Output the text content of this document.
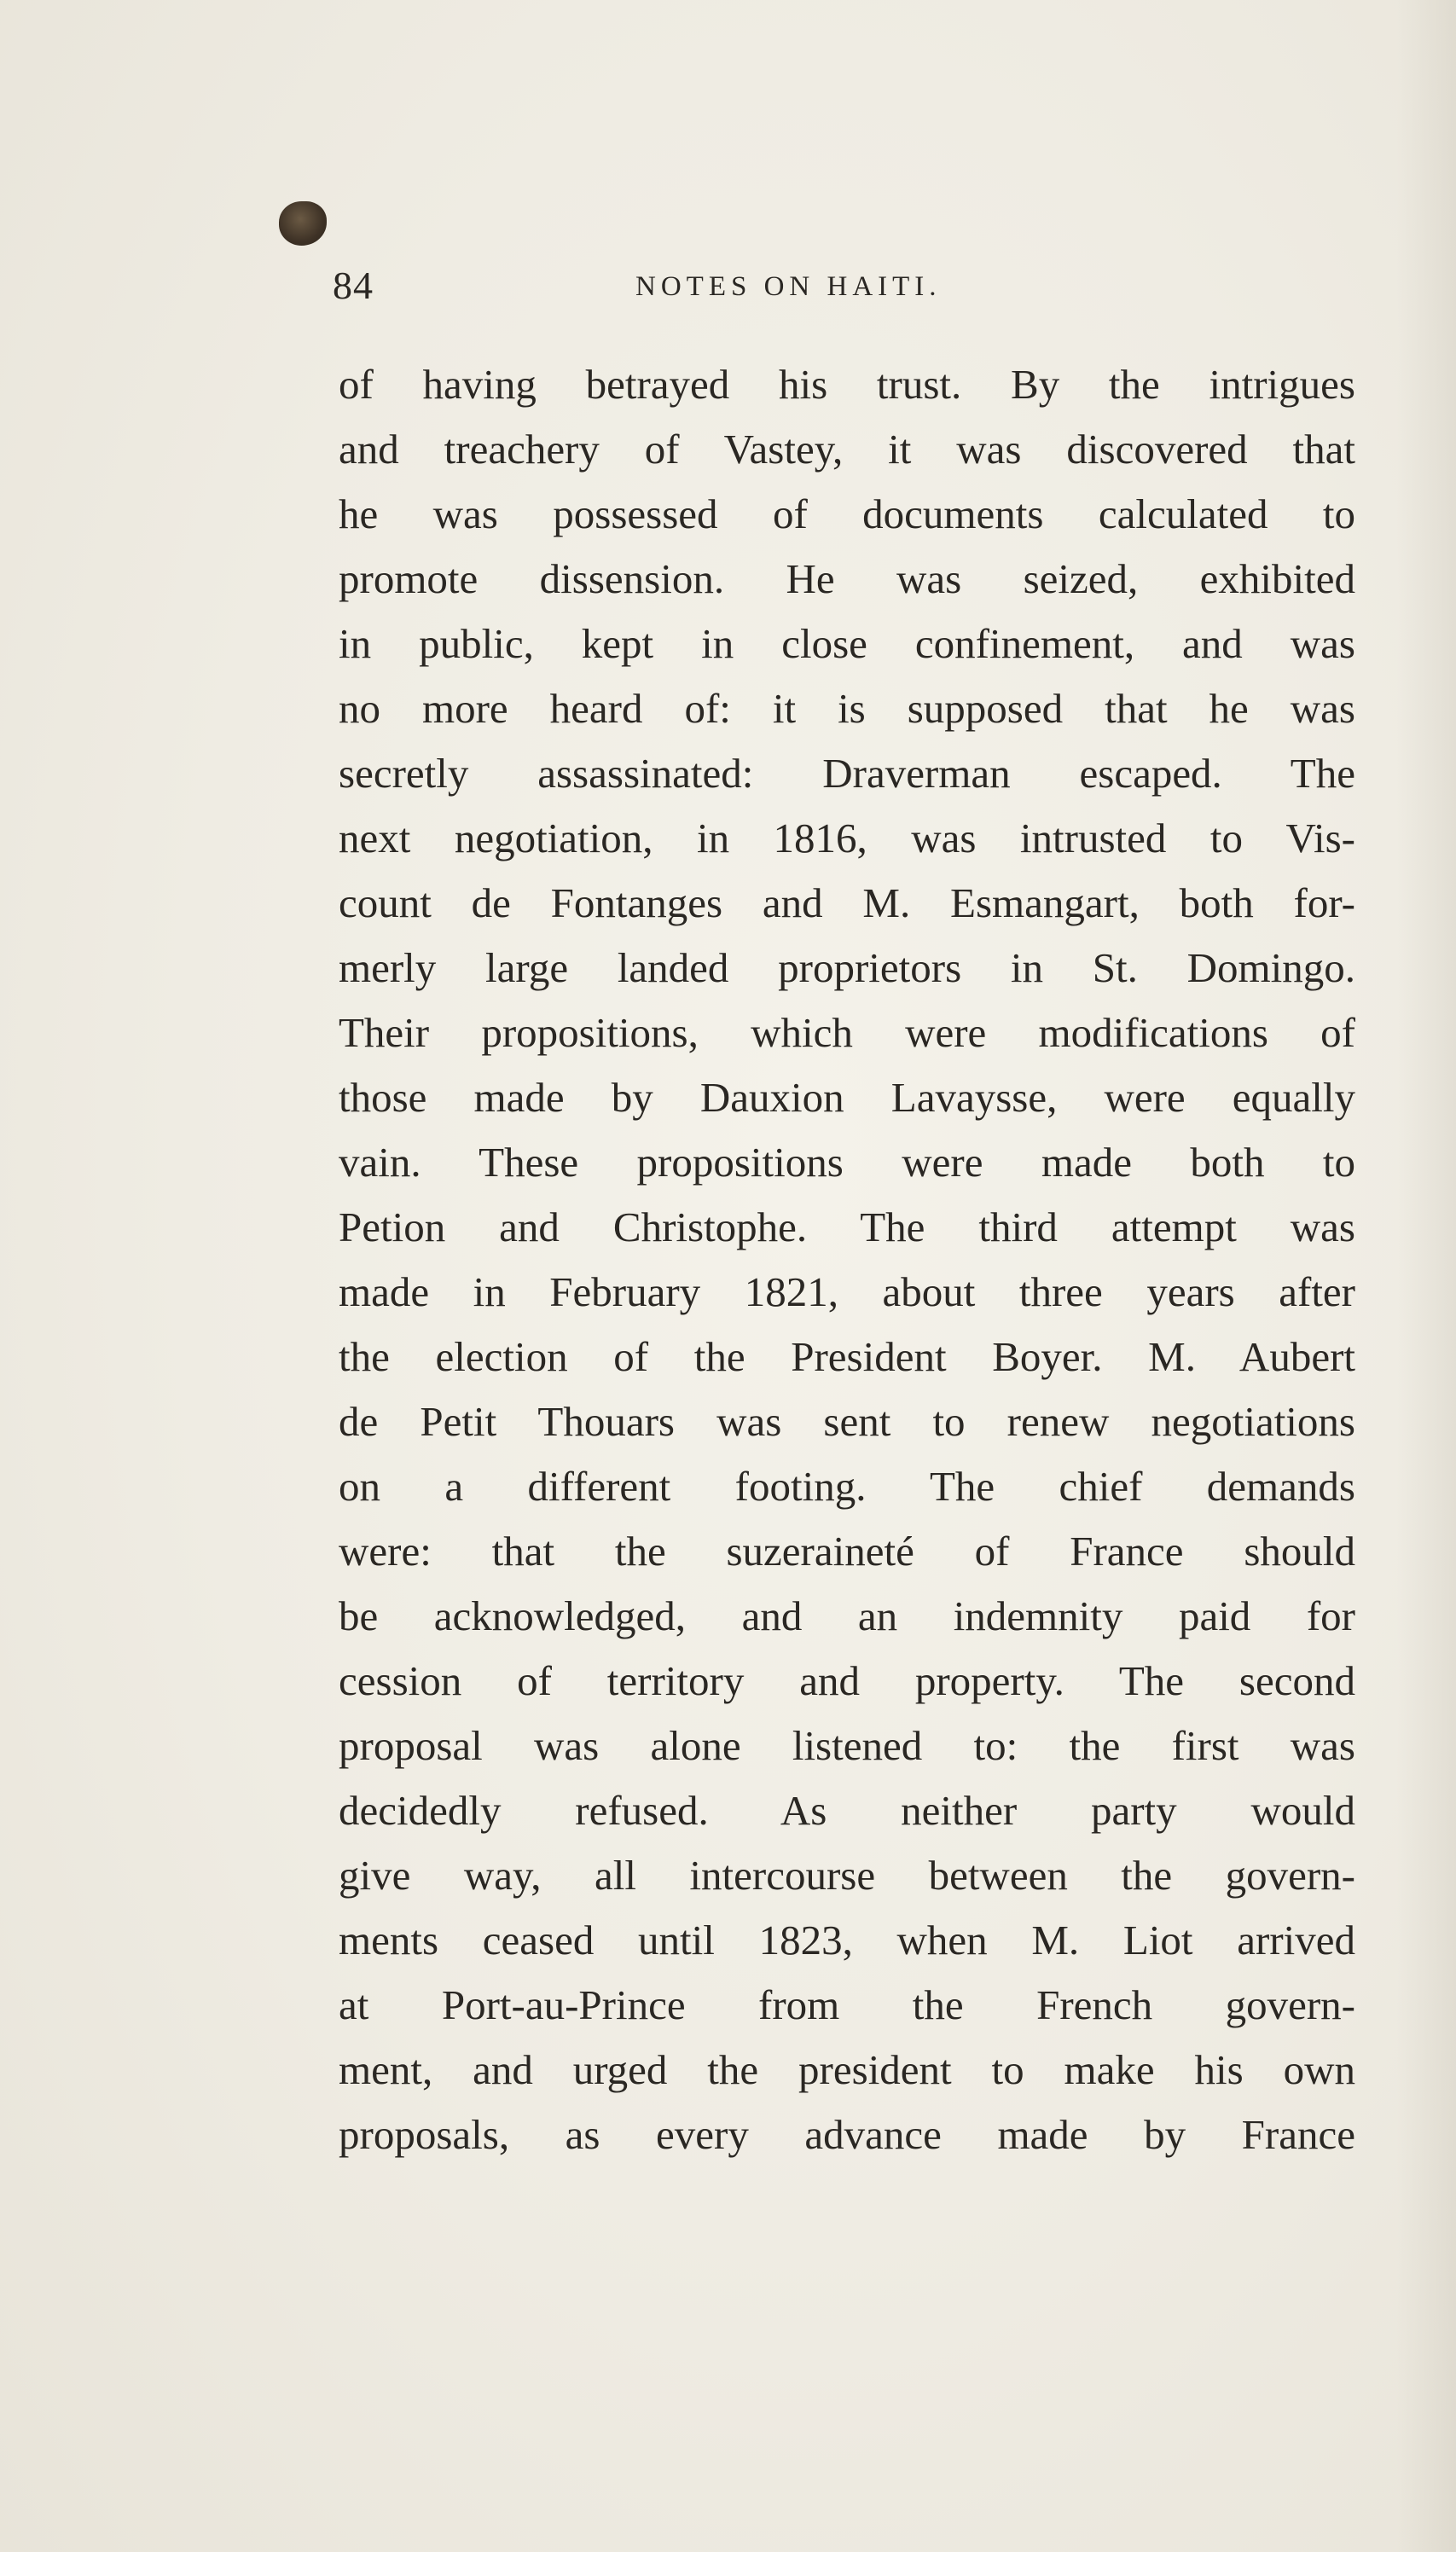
84	NOTES ON HAITI.
of having betrayed his trust. By the intrigues
and treachery of Vastey, it was discovered that
he was possessed of documents calculated to
promote dissension. He was seized, exhibited
in public, kept in close confinement, and was
no more heard of: it is supposed that he was
secretly assassinated: Draverman escaped. The
next negotiation, in 1816, was intrusted to Vis-
count de Fontanges and M. Esmangart, both for-
merly large landed proprietors in St. Domingo.
Their propositions, which were modifications of
those made by Dauxion Lavaysse, were equally
vain. These propositions were made both to
Petion and Christophe. The third attempt was
made in February 1821, about three years after
the election of the President Boyer. M. Aubert
de Petit Thouars was sent to renew negotiations
on a different footing. The chief demands
were: that the suzeraineté of France should
be acknowledged, and an indemnity paid for
cession of territory and property. The second
proposal was alone listened to: the first was
decidedly refused. As neither party would
give way, all intercourse between the govern-
ments ceased until 1823, when M. Liot arrived
at Port-au-Prince from the French govern-
ment, and urged the president to make his own
proposals, as every advance made by France
